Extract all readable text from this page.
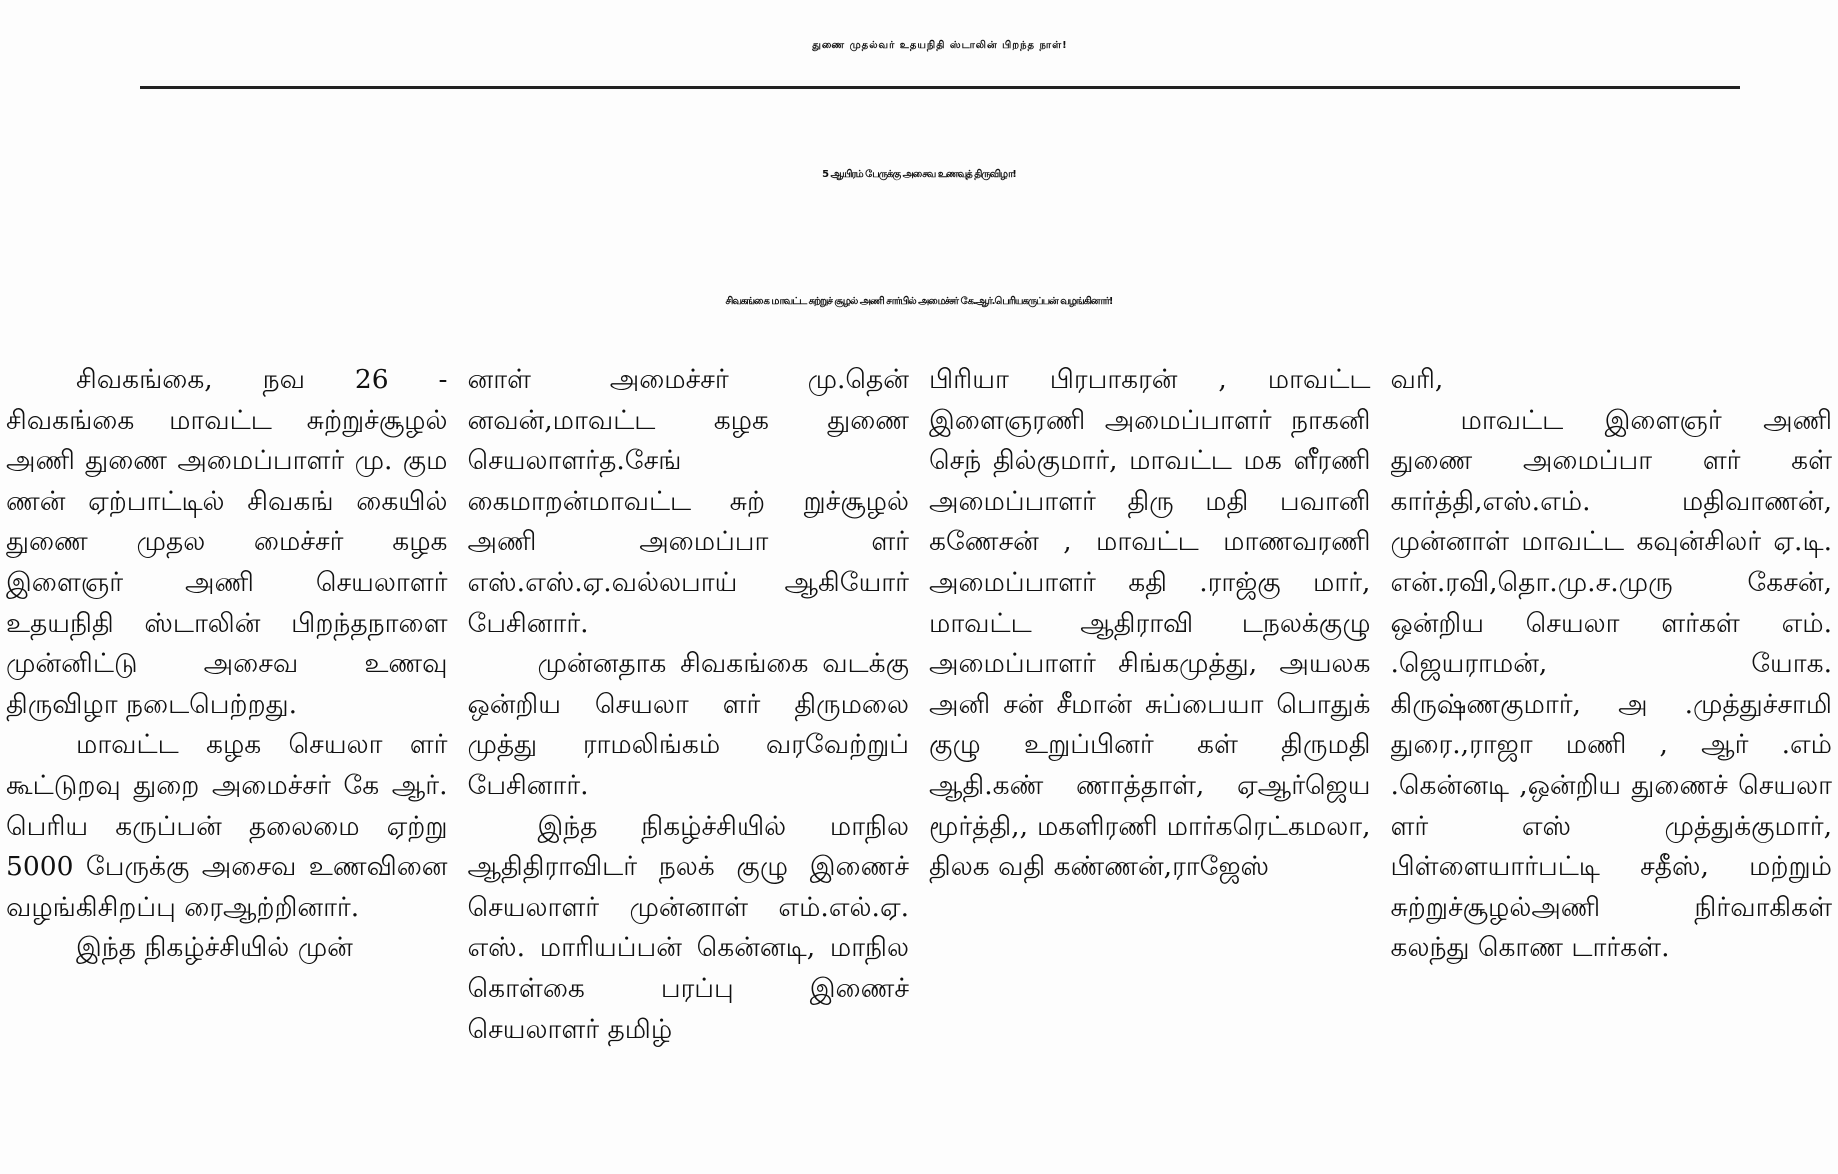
துணை முதல்வர் உதயநிதி ஸ்டாலின் பிறந்த நாள்!
5 ஆயிரம் பேருக்கு அசைவ உணவுத் திருவிழா!
சிவகங்கை மாவட்ட சுற்றுச் சூழல் அணி சார்பில் அமைச்சர் கே.ஆர்.பெரியகருப்பன் வழங்கினார்!

சிவகங்கை, நவ 26 - சிவகங்கை மாவட்ட சுற்றுச்சூழல் அணி துணை அமைப்பாளர் மு. கும ணன் ஏற்பாட்டில் சிவகங் கையில் துணை முதல மைச்சர் கழக இளைஞர் அணி செயலாளர் உதயநிதி ஸ்டாலின் பிறந்தநாளை முன்னிட்டு அசைவ உணவு திருவிழா நடைபெற்றது.

மாவட்ட கழக செயலா ளர் கூட்டுறவு துறை அமைச்சர் கே ஆர். பெரிய கருப்பன் தலைமை ஏற்று 5000 பேருக்கு அசைவ உணவினை வழங்கிசிறப்பு ரைஆற்றினார்.

இந்த நிகழ்ச்சியில் முன்

னாள் அமைச்சர் மு.தென் னவன்,மாவட்ட கழக துணை செயலாளர்த.சேங் கைமாறன்மாவட்ட சுற் றுச்சூழல் அணி அமைப்பா ளர் எஸ்.எஸ்.ஏ.வல்லபாய் ஆகியோர் பேசினார்.

முன்னதாக சிவகங்கை வடக்கு ஒன்றிய செயலா ளர் திருமலை முத்து ராமலிங்கம் வரவேற்றுப் பேசினார்.

இந்த நிகழ்ச்சியில் மாநில ஆதிதிராவிடர் நலக் குழு இணைச் செயலாளர் முன்னாள் எம்.எல்.ஏ. எஸ். மாரியப்பன் கென்னடி, மாநில கொள்கை பரப்பு இணைச் செயலாளர் தமிழ்

பிரியா பிரபாகரன் , மாவட்ட இளைஞரணி அமைப்பாளர் நாகனி செந் தில்குமார், மாவட்ட மக ளீரணி அமைப்பாளர் திரு மதி பவானி கணேசன் , மாவட்ட மாணவரணி அமைப்பாளர் கதி .ராஜ்கு மார், மாவட்ட ஆதிராவி டநலக்குழு அமைப்பாளர் சிங்கமுத்து, அயலக அனி சன் சீமான் சுப்பையா பொதுக் குழு உறுப்பினர் கள் திருமதி ஆதி.கண் ணாத்தாள், ஏஆர்ஜெய மூர்த்தி,, மகளிரணி மார்கரெட்கமலா, திலக வதி கண்ணன்,ராஜேஸ்

வரி,

மாவட்ட இளைஞர் அணி துணை அமைப்பா ளர் கள் கார்த்தி,எஸ்.எம். மதிவாணன், முன்னாள் மாவட்ட கவுன்சிலர் ஏ.டி. என்.ரவி,தொ.மு.ச.முரு கேசன், ஒன்றிய செயலா ளர்கள் எம். .ஜெயராமன், யோக. கிருஷ்ணகுமார், அ .முத்துச்சாமி துரை.,ராஜா மணி , ஆர் .எம் .கென்னடி ,ஒன்றிய துணைச் செயலா ளர் எஸ் முத்துக்குமார், பிள்ளையார்பட்டி சதீஸ், மற்றும் சுற்றுச்சூழல்அணி நிர்வாகிகள் கலந்து கொண டார்கள்.
